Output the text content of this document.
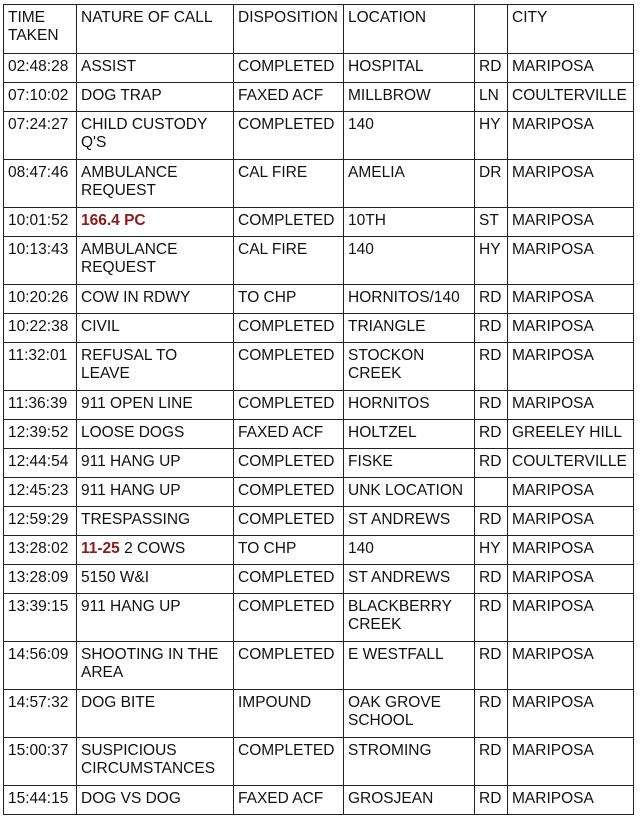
TIME TAKEN	NATURE OF CALL	DISPOSITION	LOCATION		CITY
02:48:28	ASSIST	COMPLETED	HOSPITAL	RD	MARIPOSA
07:10:02	DOG TRAP	FAXED ACF	MILLBROW	LN	COULTERVILLE
07:24:27	CHILD CUSTODY Q'S	COMPLETED	140	HY	MARIPOSA
08:47:46	AMBULANCE REQUEST	CAL FIRE	AMELIA	DR	MARIPOSA
10:01:52	166.4 PC	COMPLETED	10TH	ST	MARIPOSA
10:13:43	AMBULANCE REQUEST	CAL FIRE	140	HY	MARIPOSA
10:20:26	COW IN RDWY	TO CHP	HORNITOS/140	RD	MARIPOSA
10:22:38	CIVIL	COMPLETED	TRIANGLE	RD	MARIPOSA
11:32:01	REFUSAL TO LEAVE	COMPLETED	STOCKON CREEK	RD	MARIPOSA
11:36:39	911 OPEN LINE	COMPLETED	HORNITOS	RD	MARIPOSA
12:39:52	LOOSE DOGS	FAXED ACF	HOLTZEL	RD	GREELEY HILL
12:44:54	911 HANG UP	COMPLETED	FISKE	RD	COULTERVILLE
12:45:23	911 HANG UP	COMPLETED	UNK LOCATION		MARIPOSA
12:59:29	TRESPASSING	COMPLETED	ST ANDREWS	RD	MARIPOSA
13:28:02	11-25 2 COWS	TO CHP	140	HY	MARIPOSA
13:28:09	5150 W&I	COMPLETED	ST ANDREWS	RD	MARIPOSA
13:39:15	911 HANG UP	COMPLETED	BLACKBERRY CREEK	RD	MARIPOSA
14:56:09	SHOOTING IN THE AREA	COMPLETED	E WESTFALL	RD	MARIPOSA
14:57:32	DOG BITE	IMPOUND	OAK GROVE SCHOOL	RD	MARIPOSA
15:00:37	SUSPICIOUS CIRCUMSTANCES	COMPLETED	STROMING	RD	MARIPOSA
15:44:15	DOG VS DOG	FAXED ACF	GROSJEAN	RD	MARIPOSA
